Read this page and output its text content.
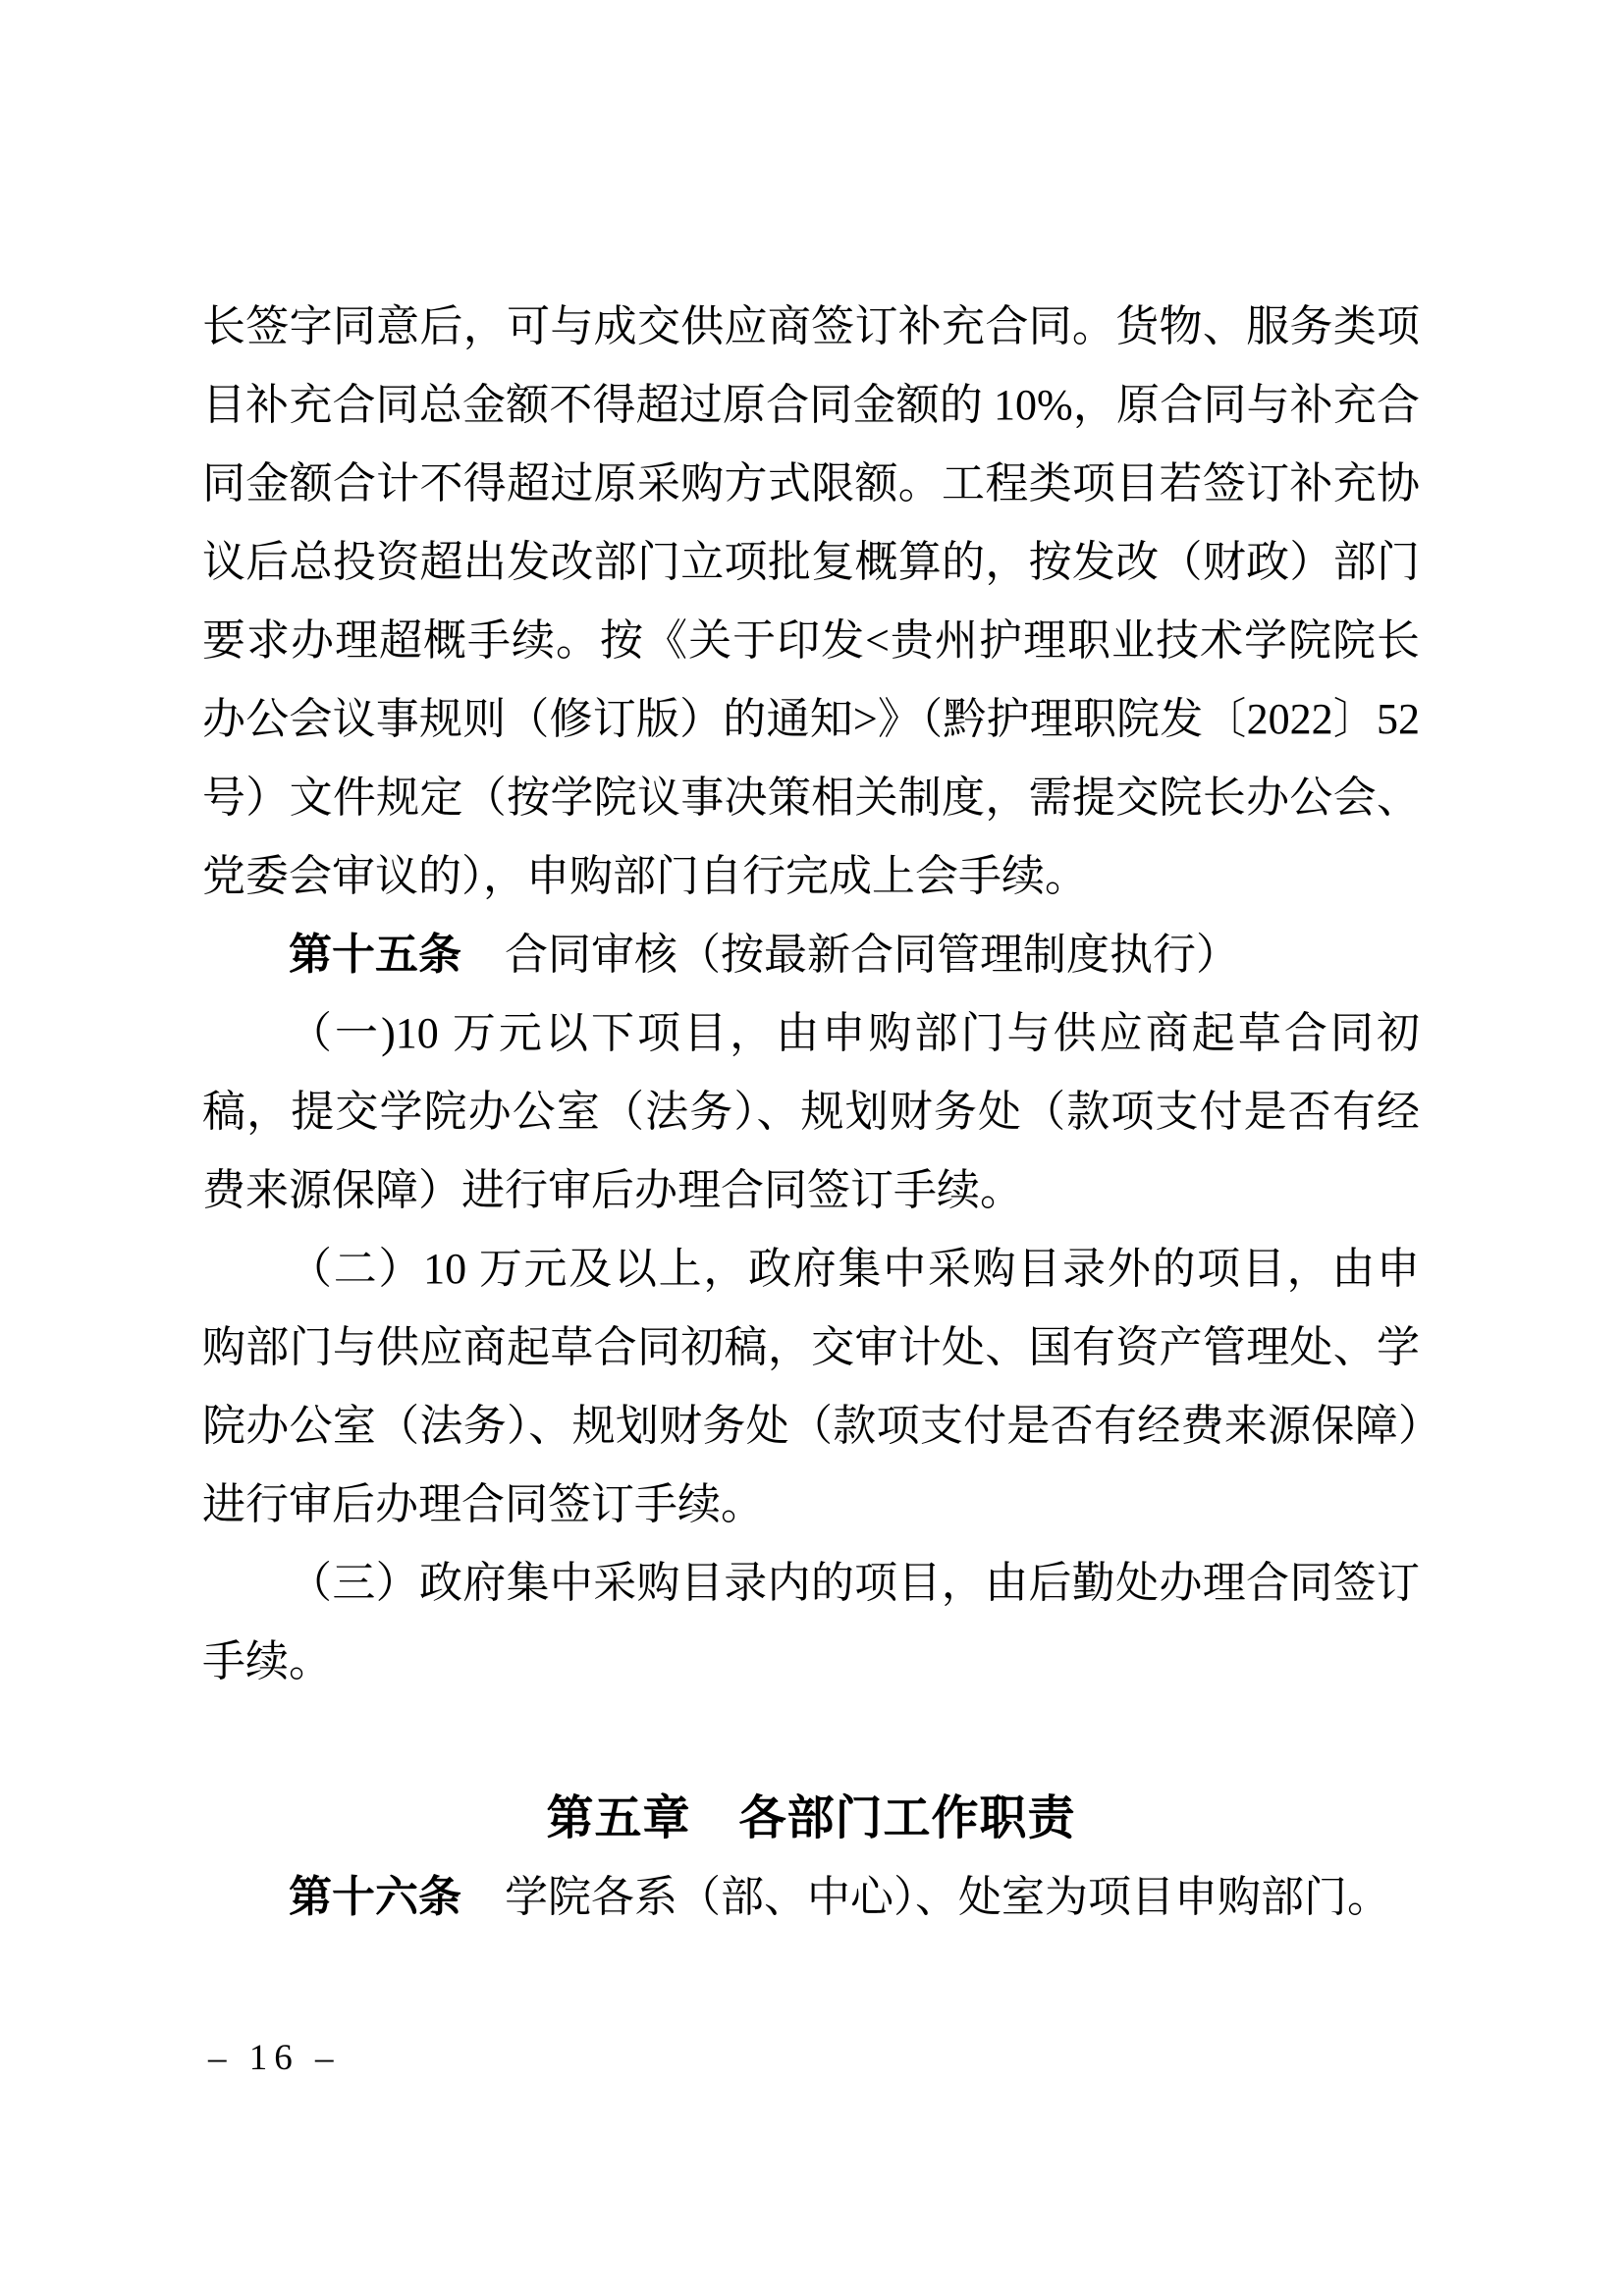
长签字同意后，可与成交供应商签订补充合同。货物、服务类项目补充合同总金额不得超过原合同金额的 10%，原合同与补充合同金额合计不得超过原采购方式限额。工程类项目若签订补充协议后总投资超出发改部门立项批复概算的，按发改（财政）部门要求办理超概手续。按《关于印发<贵州护理职业技术学院院长办公会议事规则（修订版）的通知>》（黔护理职院发〔2022〕52 号）文件规定（按学院议事决策相关制度，需提交院长办公会、党委会审议的），申购部门自行完成上会手续。

第十五条　合同审核（按最新合同管理制度执行）

（一)10 万元以下项目，由申购部门与供应商起草合同初稿，提交学院办公室（法务）、规划财务处（款项支付是否有经费来源保障）进行审后办理合同签订手续。

（二）10 万元及以上，政府集中采购目录外的项目，由申购部门与供应商起草合同初稿，交审计处、国有资产管理处、学院办公室（法务）、规划财务处（款项支付是否有经费来源保障）进行审后办理合同签订手续。

（三）政府集中采购目录内的项目，由后勤处办理合同签订手续。

第五章　各部门工作职责

第十六条　学院各系（部、中心）、处室为项目申购部门。

– 16 –
